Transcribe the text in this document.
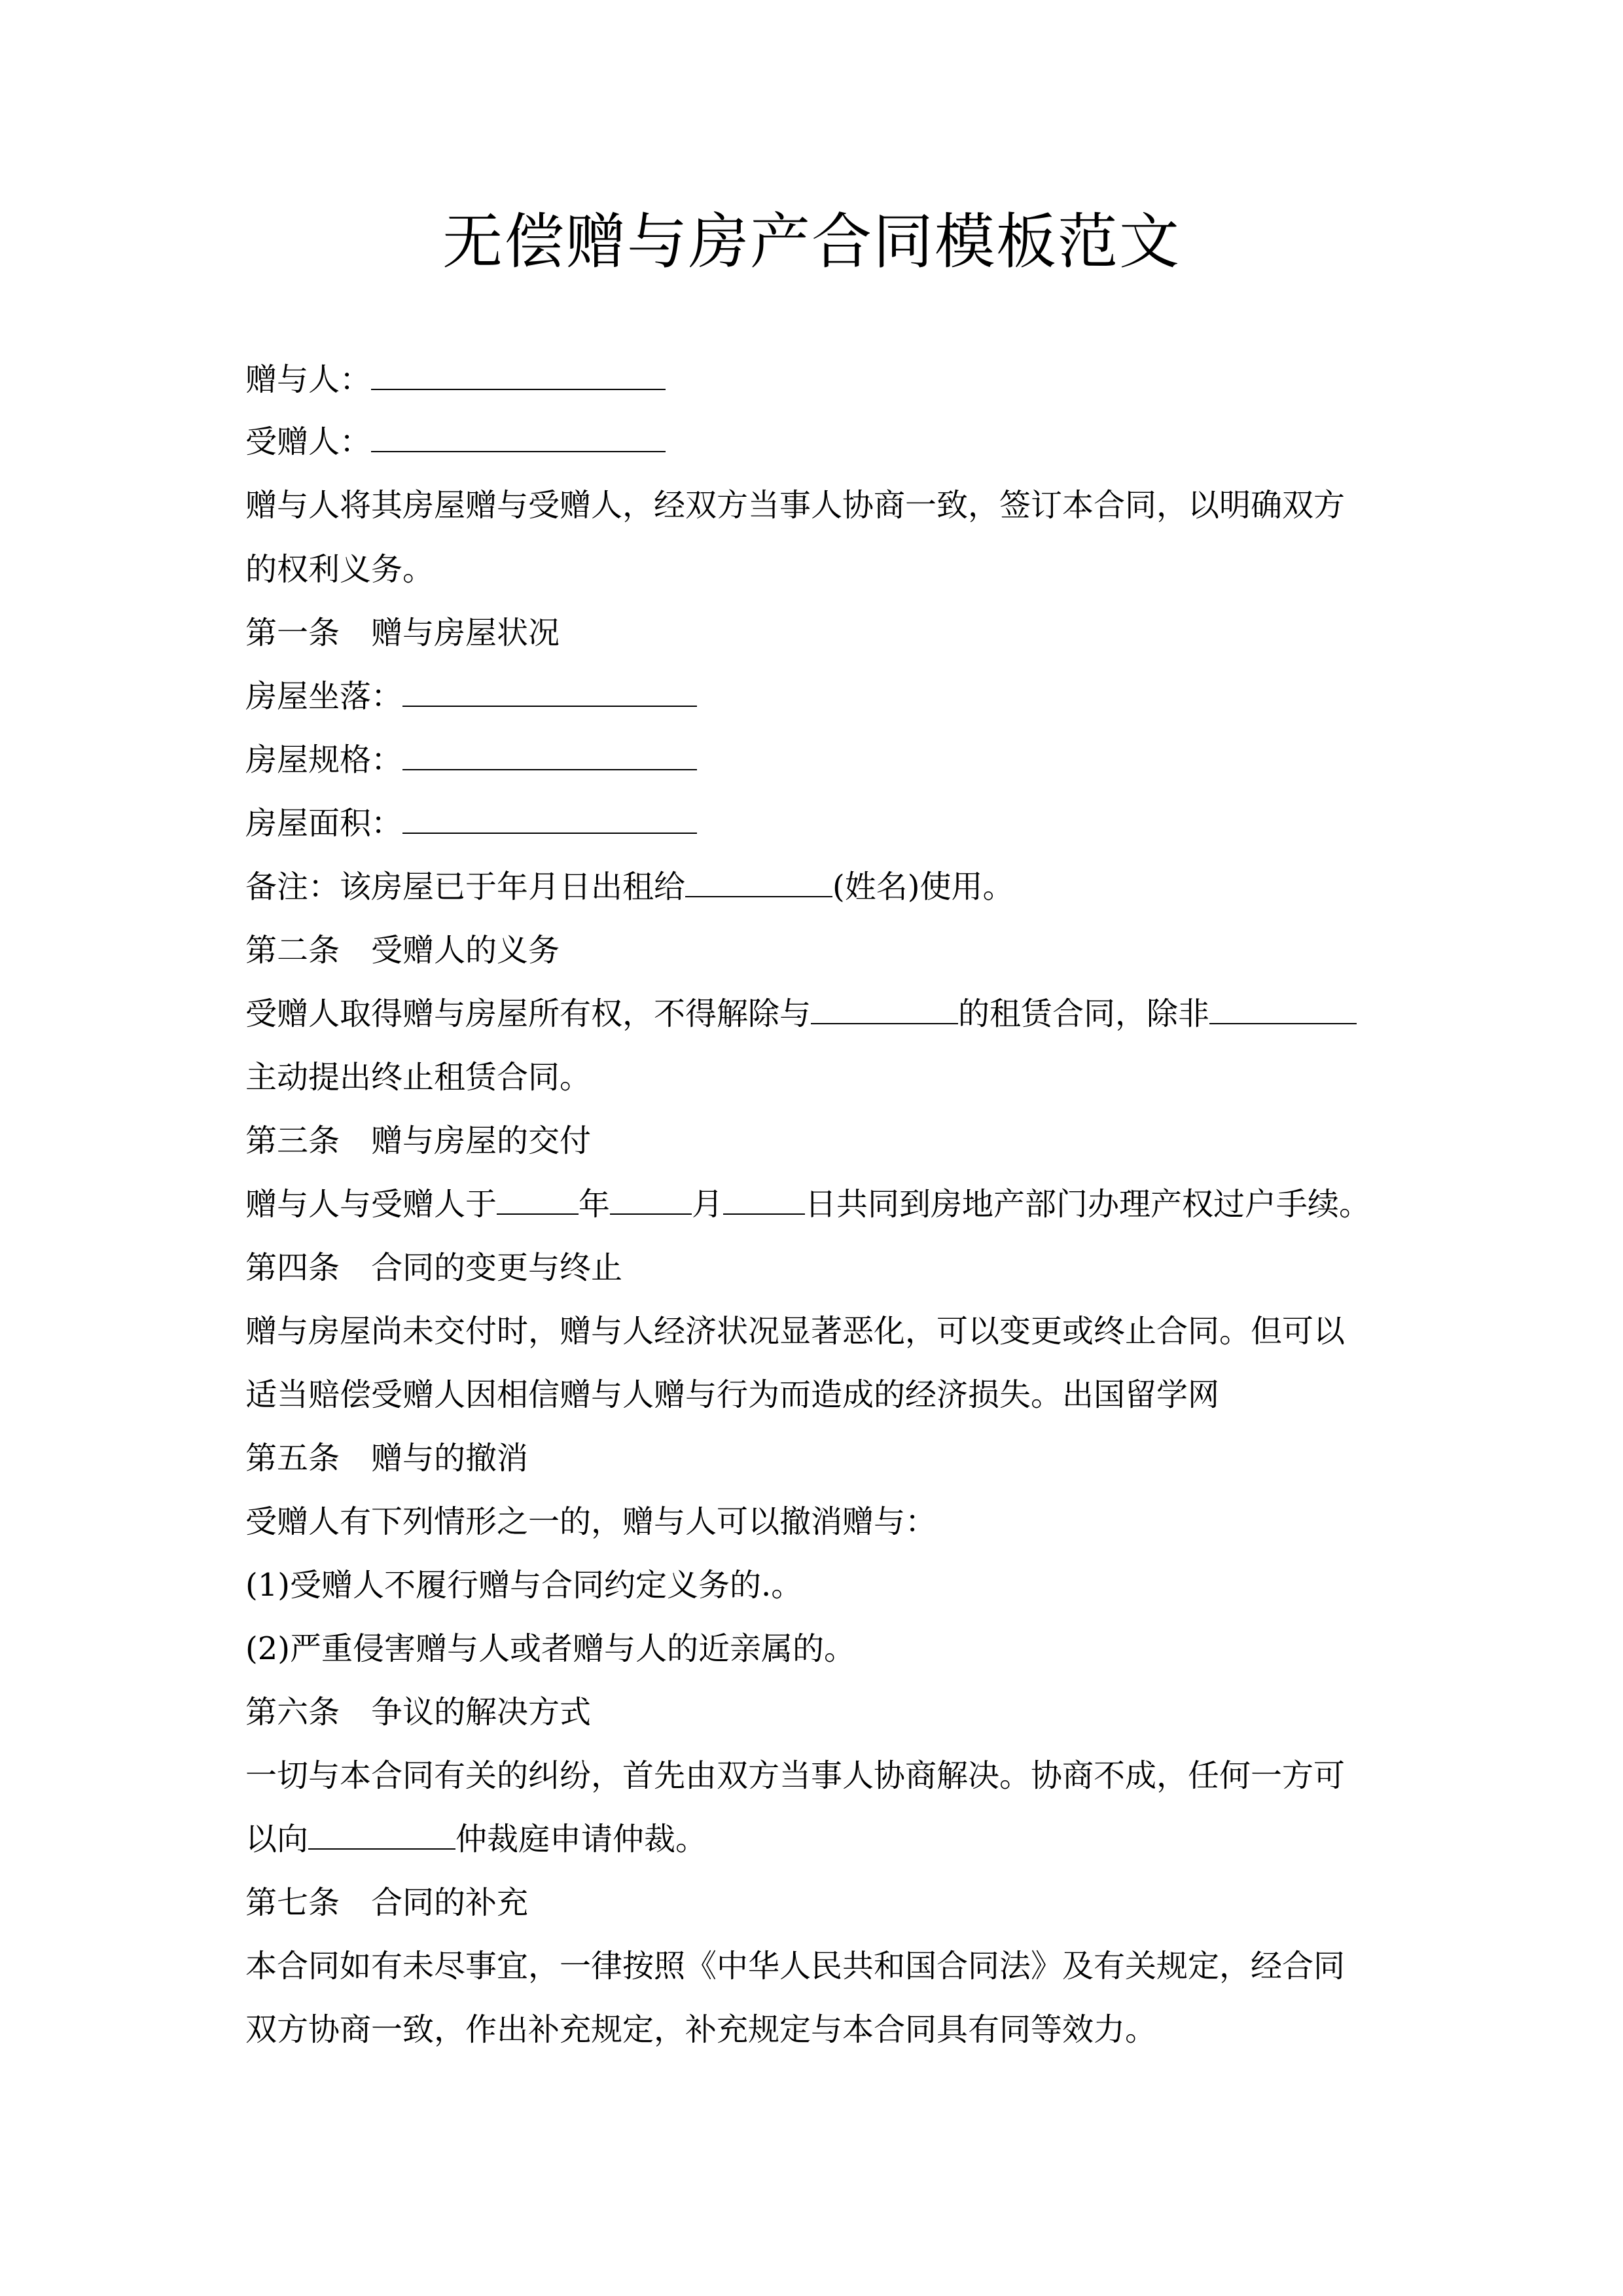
无偿赠与房产合同模板范文
赠与人：
受赠人：
赠与人将其房屋赠与受赠人，经双方当事人协商一致，签订本合同，以明确双方
的权利义务。
第一条 赠与房屋状况
房屋坐落：
房屋规格：
房屋面积：
备注：该房屋已于年月日出租给	(姓名)使用。
第二条 受赠人的义务
受赠人取得赠与房屋所有权，不得解除与	的租赁合同，除非
主动提出终止租赁合同。
第三条 赠与房屋的交付
赠与人与受赠人于	年	月	日共同到房地产部门办理产权过户手续。
第四条 合同的变更与终止
赠与房屋尚未交付时，赠与人经济状况显著恶化，可以变更或终止合同。但可以
适当赔偿受赠人因相信赠与人赠与行为而造成的经济损失。出国留学网
第五条 赠与的撤消
受赠人有下列情形之一的，赠与人可以撤消赠与：
(1)受赠人不履行赠与合同约定义务的.。
(2)严重侵害赠与人或者赠与人的近亲属的。
第六条 争议的解决方式
一切与本合同有关的纠纷，首先由双方当事人协商解决。协商不成，任何一方可
以向	仲裁庭申请仲裁。
第七条 合同的补充
本合同如有未尽事宜，一律按照《中华人民共和国合同法》及有关规定，经合同
双方协商一致，作出补充规定，补充规定与本合同具有同等效力。
